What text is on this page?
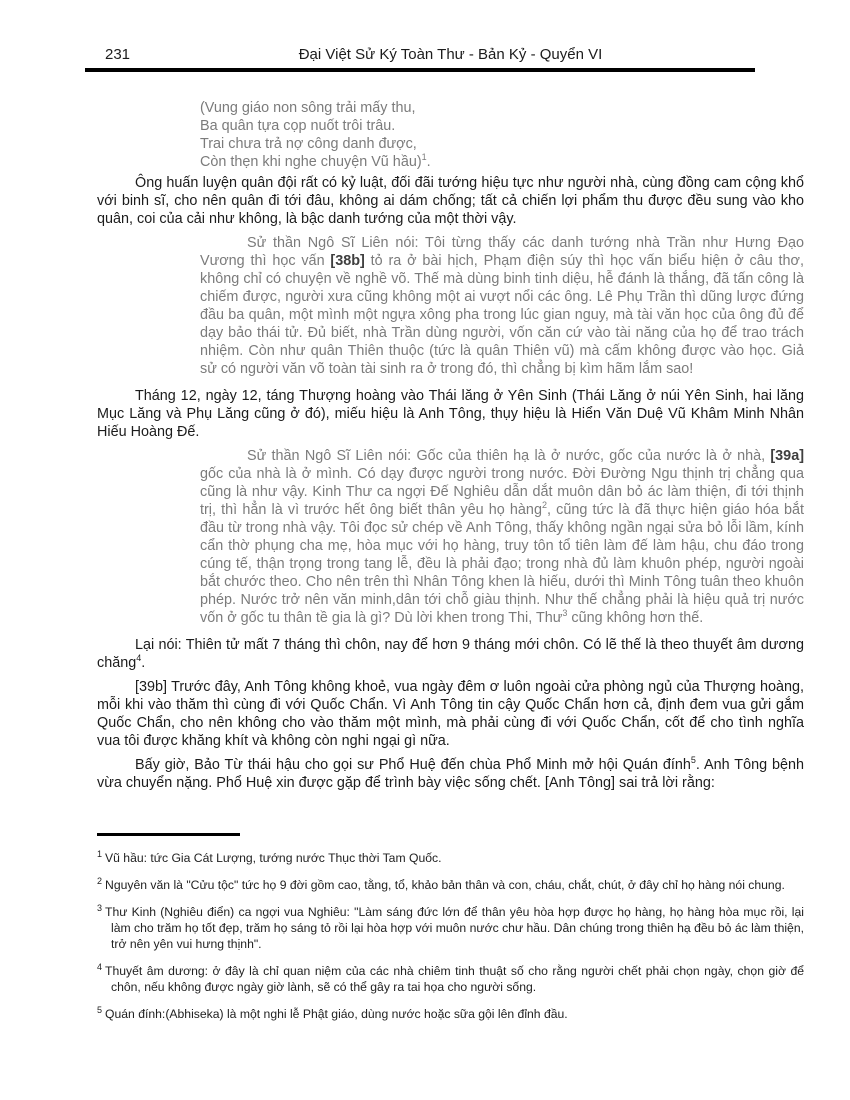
231	Đại Việt Sử Ký Toàn Thư - Bản Kỷ - Quyển VI
(Vung giáo non sông trải mấy thu,
Ba quân tựa cọp nuốt trôi trâu.
Trai chưa trả nợ công danh được,
Còn thẹn khi nghe chuyện Vũ hầu)$^1$.

Ông huấn luyện quân đội rất có kỷ luật, đối đãi tướng hiệu tực như người nhà, cùng đồng cam cộng khổ với binh sĩ, cho nên quân đi tới đâu, không ai dám chống; tất cả chiến lợi phẩm thu được đều sung vào kho quân, coi của cải như không, là bậc danh tướng của một thời vậy.

Sử thần Ngô Sĩ Liên nói: Tôi từng thấy các danh tướng nhà Trần như Hưng Đạo Vương thì học vấn [38b] tỏ ra ở bài hịch, Phạm điện súy thì học vấn biểu hiện ở câu thơ, không chỉ có chuyện về nghề võ. Thế mà dùng binh tinh diệu, hễ đánh là thắng, đã tấn công là chiếm được, người xưa cũng không một ai vượt nổi các ông. Lê Phụ Trần thì dũng lược đứng đầu ba quân, một mình một ngựa xông pha trong lúc gian nguy, mà tài văn học của ông đủ để dạy bảo thái tử. Đủ biết, nhà Trần dùng người, vốn căn cứ vào tài năng của họ để trao trách nhiệm. Còn như quân Thiên thuộc (tức là quân Thiên vũ) mà cấm không được vào học. Giả sử có người văn võ toàn tài sinh ra ở trong đó, thì chẳng bị kìm hãm lắm sao!

Tháng 12, ngày 12, táng Thượng hoàng vào Thái lăng ở Yên Sinh (Thái Lăng ở núi Yên Sinh, hai lăng Mục Lăng và Phụ Lăng cũng ở đó), miếu hiệu là Anh Tông, thụy hiệu là Hiển Văn Duệ Vũ Khâm Minh Nhân Hiếu Hoàng Đế.

Sử thần Ngô Sĩ Liên nói: Gốc của thiên hạ là ở nước, gốc của nước là ở nhà, [39a] gốc của nhà là ở mình. Có dạy được người trong nước. Đời Đường Ngu thịnh trị chẳng qua cũng là như vậy. Kinh Thư ca ngợi Đế Nghiêu dẫn dắt muôn dân bỏ ác làm thiện, đi tới thịnh trị, thì hẳn là vì trước hết ông biết thân yêu họ hàng$^2$, cũng tức là đã thực hiện giáo hóa bắt đầu từ trong nhà vậy. Tôi đọc sử chép về Anh Tông, thấy không ngần ngại sửa bỏ lỗi lầm, kính cẩn thờ phụng cha mẹ, hòa mục với họ hàng, truy tôn tổ tiên làm đế làm hậu, chu đáo trong cúng tế, thận trọng trong tang lễ, đều là phải đạo; trong nhà đủ làm khuôn phép, người ngoài bắt chước theo. Cho nên trên thì Nhân Tông khen là hiếu, dưới thì Minh Tông tuân theo khuôn phép. Nước trở nên văn minh,dân tới chỗ giàu thịnh. Như thế chẳng phải là hiệu quả trị nước vốn ở gốc tu thân tề gia là gì? Dù lời khen trong Thi, Thư$^3$ cũng không hơn thế.

Lại nói: Thiên tử mất 7 tháng thì chôn, nay để hơn 9 tháng mới chôn. Có lẽ thế là theo thuyết âm dương chăng$^4$.

[39b] Trước đây, Anh Tông không khoẻ, vua ngày đêm ơ luôn ngoài cửa phòng ngủ của Thượng hoàng, mỗi khi vào thăm thì cùng đi với Quốc Chẩn. Vì Anh Tông tin cậy Quốc Chẩn hơn cả, định đem vua gửi gắm Quốc Chẩn, cho nên không cho vào thăm một mình, mà phải cùng đi với Quốc Chẩn, cốt để cho tình nghĩa vua tôi được khăng khít và không còn nghi ngại gì nữa.

Bấy giờ, Bảo Từ thái hậu cho gọi sư Phổ Huệ đến chùa Phổ Minh mở hội Quán đính$^5$. Anh Tông bệnh vừa chuyển nặng. Phổ Huệ xin được gặp để trình bày việc sống chết. [Anh Tông] sai trả lời rằng:

$^1$ Vũ hầu: tức Gia Cát Lượng, tướng nước Thục thời Tam Quốc.
$^2$ Nguyên văn là "Cửu tộc" tức họ 9 đời gồm cao, tằng, tổ, khảo bản thân và con, cháu, chắt, chút, ở đây chỉ họ hàng nói chung.
$^3$ Thư Kinh (Nghiêu điển) ca ngợi vua Nghiêu: "Làm sáng đức lớn để thân yêu hòa hợp được họ hàng, họ hàng hòa mục rồi, lại làm cho trăm họ tốt đẹp, trăm họ sáng tỏ rồi lại hòa hợp với muôn nước chư hầu. Dân chúng trong thiên hạ đều bỏ ác làm thiện, trở nên yên vui hưng thịnh".
$^4$ Thuyết âm dương: ở đây là chỉ quan niệm của các nhà chiêm tinh thuật số cho rằng người chết phải chọn ngày, chọn giờ để chôn, nếu không được ngày giờ lành, sẽ có thể gây ra tai họa cho người sống.
$^5$ Quán đính:(Abhiseka) là một nghi lễ Phật giáo, dùng nước hoặc sữa gội lên đỉnh đầu.
